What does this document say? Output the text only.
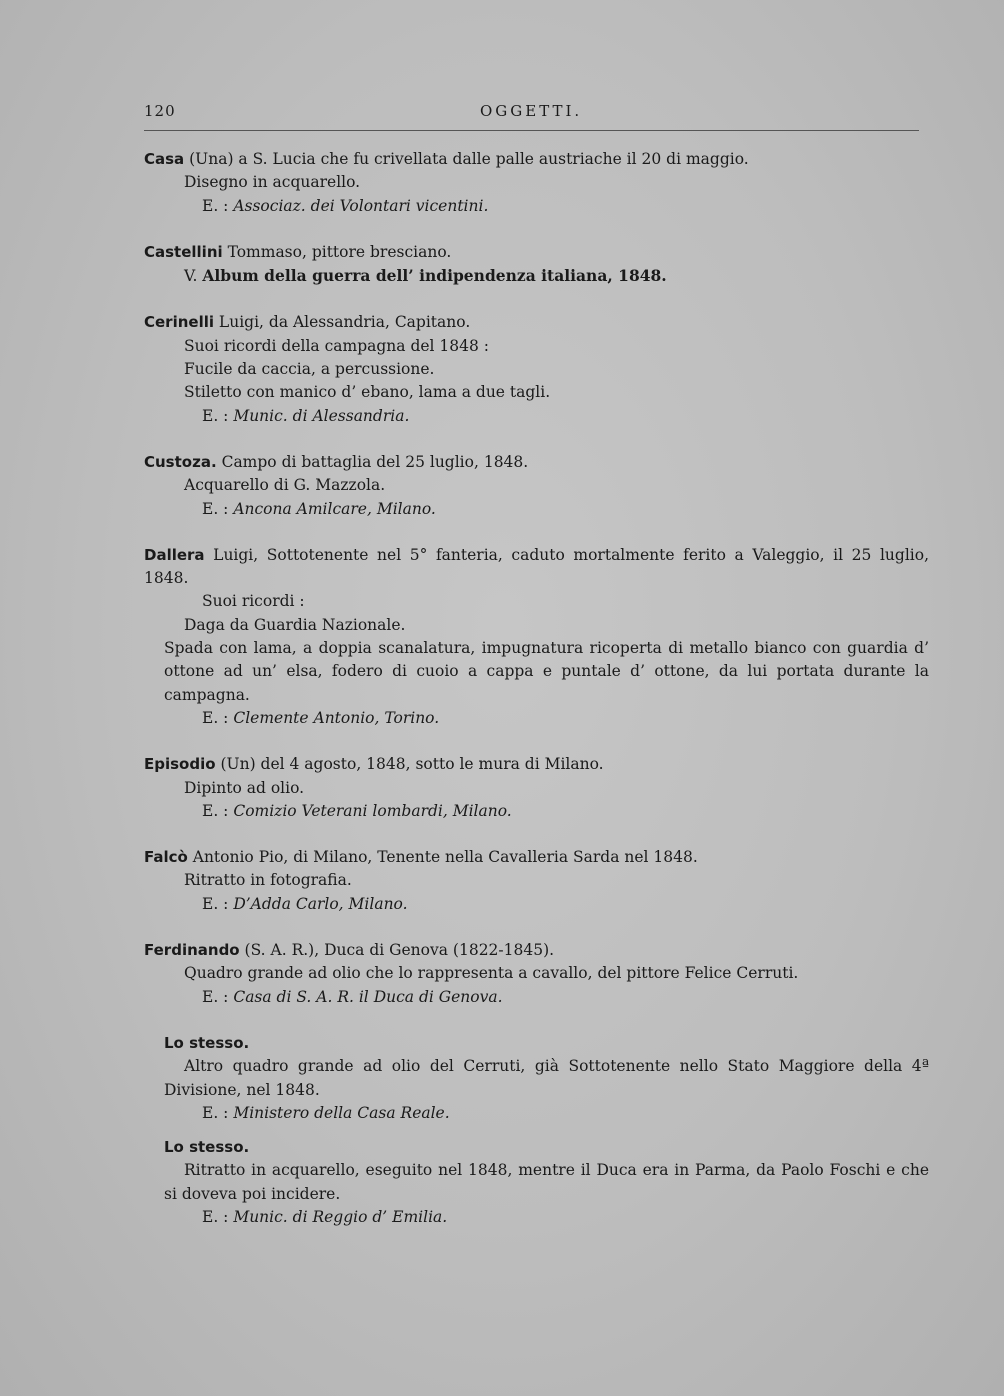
120	OGGETTI.
Casa (Una) a S. Lucia che fu crivellata dalle palle austriache il 20 di maggio.
Disegno in acquarello.
E. : Associaz. dei Volontari vicentini.
Castellini Tommaso, pittore bresciano.
V. Album della guerra dell’ indipendenza italiana, 1848.
Cerinelli Luigi, da Alessandria, Capitano.
Suoi ricordi della campagna del 1848 :
Fucile da caccia, a percussione.
Stiletto con manico d’ ebano, lama a due tagli.
E. : Munic. di Alessandria.
Custoza. Campo di battaglia del 25 luglio, 1848.
Acquarello di G. Mazzola.
E. : Ancona Amilcare, Milano.
Dallera Luigi, Sottotenente nel 5° fanteria, caduto mortalmente ferito a Valeggio, il 25 luglio, 1848.
Suoi ricordi :
Daga da Guardia Nazionale.
Spada con lama, a doppia scanalatura, impugnatura ricoperta di metallo bianco con guardia d’ ottone ad un’ elsa, fodero di cuoio a cappa e puntale d’ ottone, da lui portata durante la campagna.
E. : Clemente Antonio, Torino.
Episodio (Un) del 4 agosto, 1848, sotto le mura di Milano.
Dipinto ad olio.
E. : Comizio Veterani lombardi, Milano.
Falcò Antonio Pio, di Milano, Tenente nella Cavalleria Sarda nel 1848.
Ritratto in fotografia.
E. : D’Adda Carlo, Milano.
Ferdinando (S. A. R.), Duca di Genova (1822-1845).
Quadro grande ad olio che lo rappresenta a cavallo, del pittore Felice Cerruti.
E. : Casa di S. A. R. il Duca di Genova.
Lo stesso.
Altro quadro grande ad olio del Cerruti, già Sottotenente nello Stato Maggiore della 4ª Divisione, nel 1848.
E. : Ministero della Casa Reale.
Lo stesso.
Ritratto in acquarello, eseguito nel 1848, mentre il Duca era in Parma, da Paolo Foschi e che si doveva poi incidere.
E. : Munic. di Reggio d’ Emilia.
